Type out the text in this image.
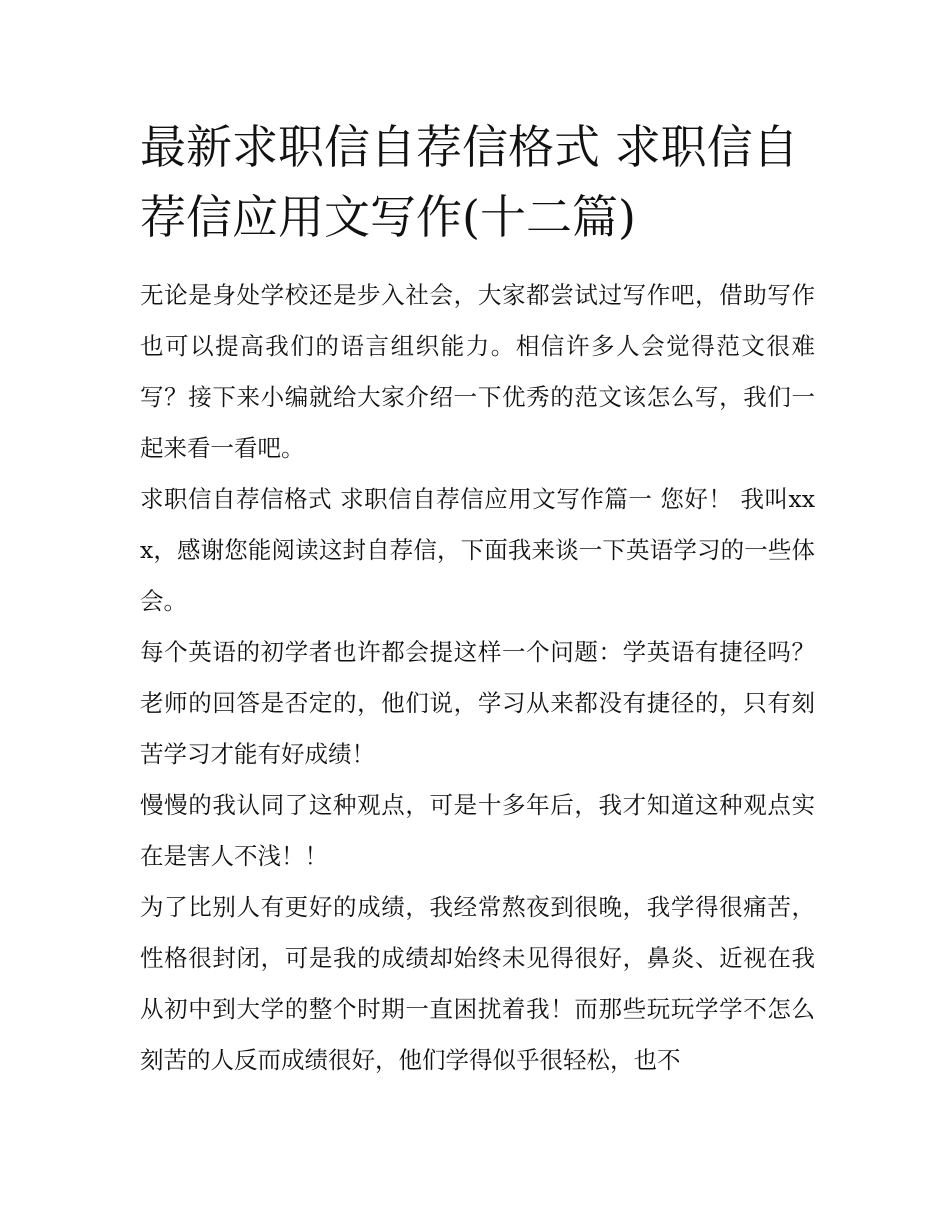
最新求职信自荐信格式 求职信自荐信应用文写作(十二篇)

无论是身处学校还是步入社会，大家都尝试过写作吧，借助写作也可以提高我们的语言组织能力。相信许多人会觉得范文很难写？接下来小编就给大家介绍一下优秀的范文该怎么写，我们一起来看一看吧。

求职信自荐信格式 求职信自荐信应用文写作篇一 您好！ 我叫xxx，感谢您能阅读这封自荐信，下面我来谈一下英语学习的一些体会。

每个英语的初学者也许都会提这样一个问题：学英语有捷径吗？老师的回答是否定的，他们说，学习从来都没有捷径的，只有刻苦学习才能有好成绩！

慢慢的我认同了这种观点，可是十多年后，我才知道这种观点实在是害人不浅！！

为了比别人有更好的成绩，我经常熬夜到很晚，我学得很痛苦，性格很封闭，可是我的成绩却始终未见得很好，鼻炎、近视在我从初中到大学的整个时期一直困扰着我！而那些玩玩学学不怎么刻苦的人反而成绩很好，他们学得似乎很轻松，也不
